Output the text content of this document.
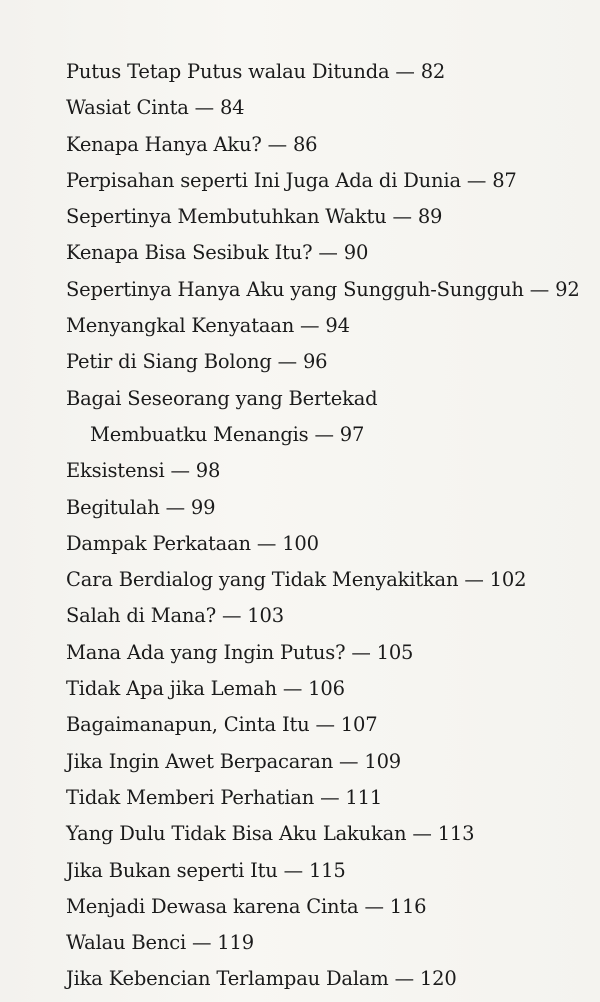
Putus Tetap Putus walau Ditunda — 82
Wasiat Cinta — 84
Kenapa Hanya Aku? — 86
Perpisahan seperti Ini Juga Ada di Dunia — 87
Sepertinya Membutuhkan Waktu — 89
Kenapa Bisa Sesibuk Itu? — 90
Sepertinya Hanya Aku yang Sungguh-Sungguh — 92
Menyangkal Kenyataan — 94
Petir di Siang Bolong — 96
Bagai Seseorang yang Bertekad
Membuatku Menangis — 97
Eksistensi — 98
Begitulah — 99
Dampak Perkataan — 100
Cara Berdialog yang Tidak Menyakitkan — 102
Salah di Mana? — 103
Mana Ada yang Ingin Putus? — 105
Tidak Apa jika Lemah — 106
Bagaimanapun, Cinta Itu — 107
Jika Ingin Awet Berpacaran — 109
Tidak Memberi Perhatian — 111
Yang Dulu Tidak Bisa Aku Lakukan — 113
Jika Bukan seperti Itu — 115
Menjadi Dewasa karena Cinta — 116
Walau Benci — 119
Jika Kebencian Terlampau Dalam — 120
